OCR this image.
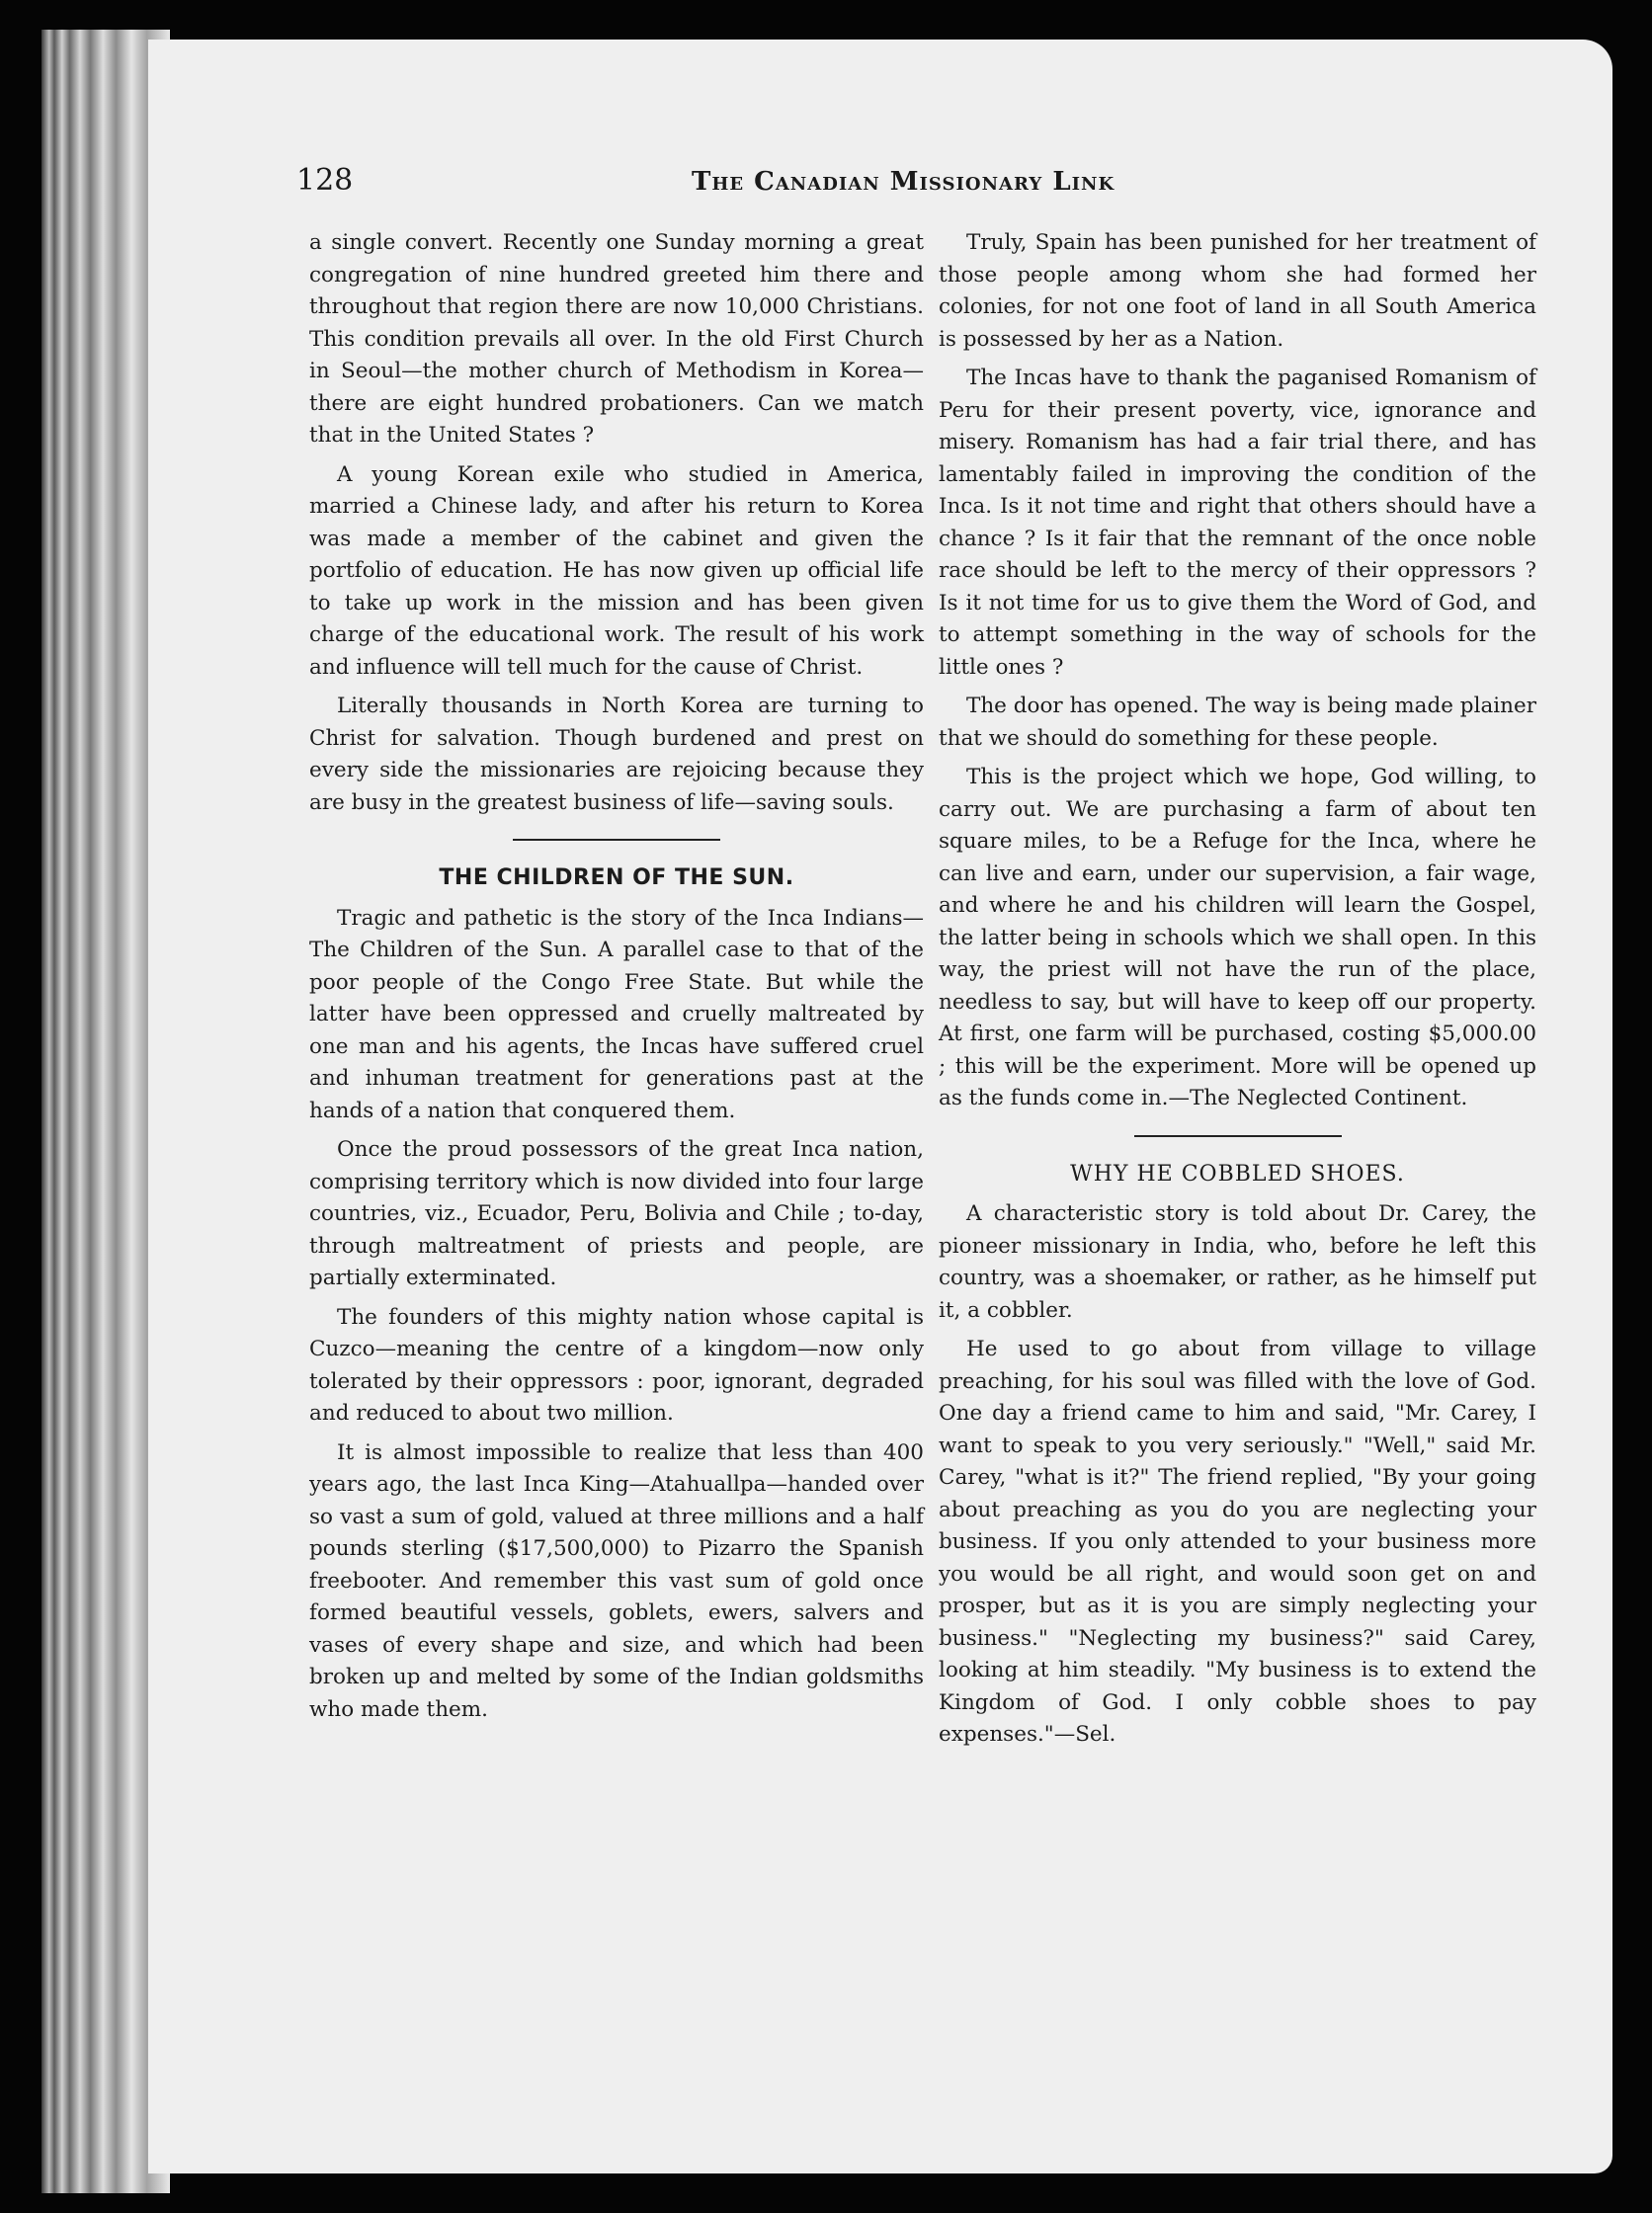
128	The Canadian Missionary Link

a single convert. Recently one Sunday morning a great congregation of nine hundred greeted him there and throughout that region there are now 10,000 Christians. This condition prevails all over. In the old First Church in Seoul—the mother church of Methodism in Korea—there are eight hundred probationers. Can we match that in the United States ?

A young Korean exile who studied in America, married a Chinese lady, and after his return to Korea was made a member of the cabinet and given the portfolio of education. He has now given up official life to take up work in the mission and has been given charge of the educational work. The result of his work and influence will tell much for the cause of Christ.

Literally thousands in North Korea are turning to Christ for salvation. Though burdened and prest on every side the missionaries are rejoicing because they are busy in the greatest business of life—saving souls.

THE CHILDREN OF THE SUN.

Tragic and pathetic is the story of the Inca Indians—The Children of the Sun. A parallel case to that of the poor people of the Congo Free State. But while the latter have been oppressed and cruelly maltreated by one man and his agents, the Incas have suffered cruel and inhuman treatment for generations past at the hands of a nation that conquered them.

Once the proud possessors of the great Inca nation, comprising territory which is now divided into four large countries, viz., Ecuador, Peru, Bolivia and Chile ; to-day, through maltreatment of priests and people, are partially exterminated.

The founders of this mighty nation whose capital is Cuzco—meaning the centre of a kingdom—now only tolerated by their oppressors : poor, ignorant, degraded and reduced to about two million.

It is almost impossible to realize that less than 400 years ago, the last Inca King—Atahuallpa—handed over so vast a sum of gold, valued at three millions and a half pounds sterling ($17,500,000) to Pizarro the Spanish freebooter. And remember this vast sum of gold once formed beautiful vessels, goblets, ewers, salvers and vases of every shape and size, and which had been broken up and melted by some of the Indian goldsmiths who made them.

Truly, Spain has been punished for her treatment of those people among whom she had formed her colonies, for not one foot of land in all South America is possessed by her as a Nation.

The Incas have to thank the paganised Romanism of Peru for their present poverty, vice, ignorance and misery. Romanism has had a fair trial there, and has lamentably failed in improving the condition of the Inca. Is it not time and right that others should have a chance ? Is it fair that the remnant of the once noble race should be left to the mercy of their oppressors ? Is it not time for us to give them the Word of God, and to attempt something in the way of schools for the little ones ?

The door has opened. The way is being made plainer that we should do something for these people.

This is the project which we hope, God willing, to carry out. We are purchasing a farm of about ten square miles, to be a Refuge for the Inca, where he can live and earn, under our supervision, a fair wage, and where he and his children will learn the Gospel, the latter being in schools which we shall open. In this way, the priest will not have the run of the place, needless to say, but will have to keep off our property. At first, one farm will be purchased, costing $5,000.00 ; this will be the experiment. More will be opened up as the funds come in.—The Neglected Continent.

WHY HE COBBLED SHOES.

A characteristic story is told about Dr. Carey, the pioneer missionary in India, who, before he left this country, was a shoemaker, or rather, as he himself put it, a cobbler.

He used to go about from village to village preaching, for his soul was filled with the love of God. One day a friend came to him and said, "Mr. Carey, I want to speak to you very seriously." "Well," said Mr. Carey, "what is it?" The friend replied, "By your going about preaching as you do you are neglecting your business. If you only attended to your business more you would be all right, and would soon get on and prosper, but as it is you are simply neglecting your business." "Neglecting my business?" said Carey, looking at him steadily. "My business is to extend the Kingdom of God. I only cobble shoes to pay expenses."—Sel.
